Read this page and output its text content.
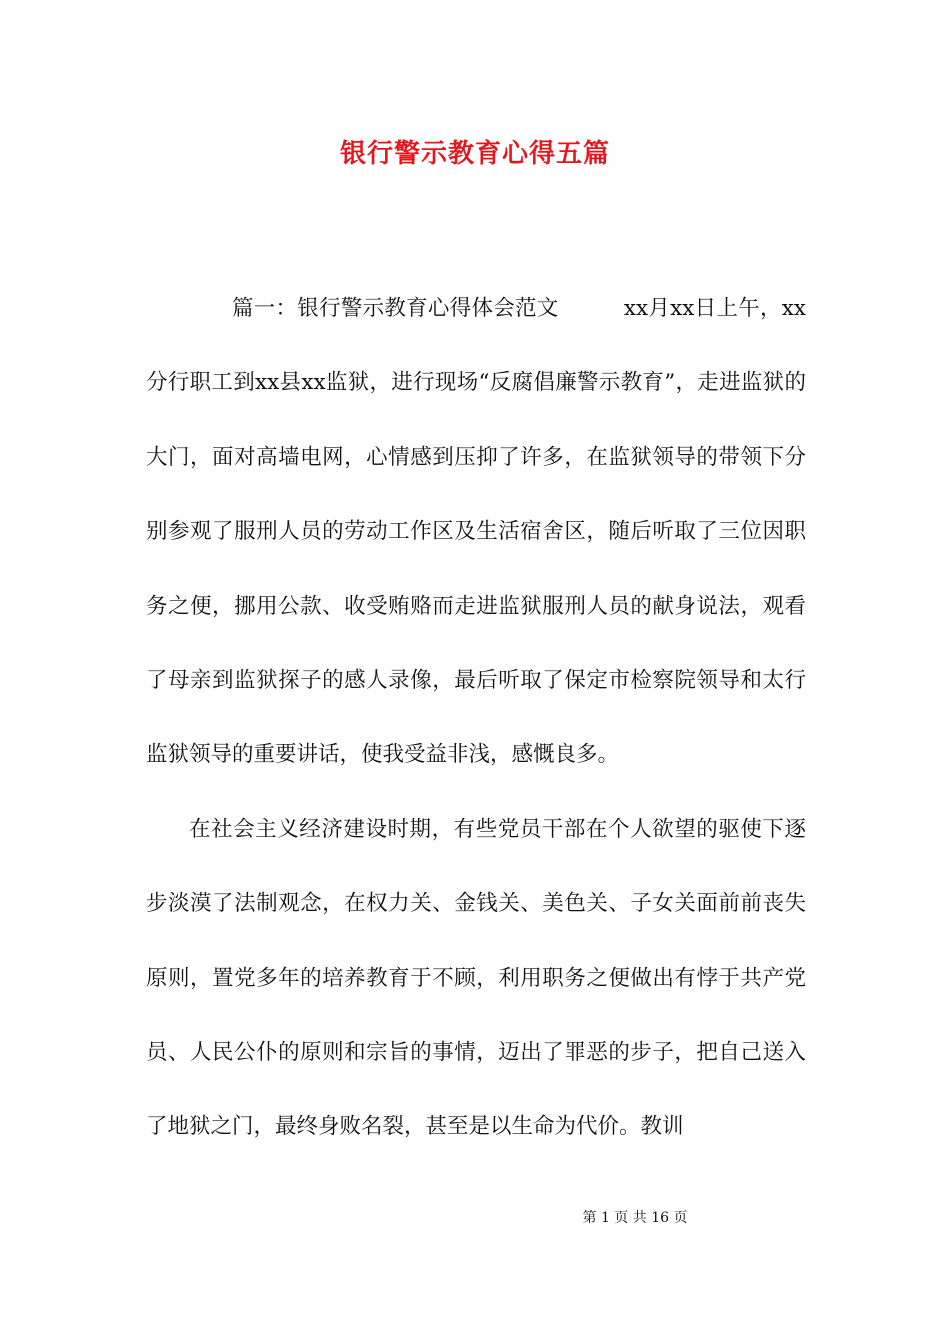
银行警示教育心得五篇

篇一：银行警示教育心得体会范文　　　xx月xx日上午，xx分行职工到xx县xx监狱，进行现场“反腐倡廉警示教育”，走进监狱的大门，面对高墙电网，心情感到压抑了许多，在监狱领导的带领下分别参观了服刑人员的劳动工作区及生活宿舍区，随后听取了三位因职务之便，挪用公款、收受贿赂而走进监狱服刑人员的献身说法，观看了母亲到监狱探子的感人录像，最后听取了保定市检察院领导和太行监狱领导的重要讲话，使我受益非浅，感慨良多。

在社会主义经济建设时期，有些党员干部在个人欲望的驱使下逐步淡漠了法制观念，在权力关、金钱关、美色关、子女关面前前丧失原则，置党多年的培养教育于不顾，利用职务之便做出有悖于共产党员、人民公仆的原则和宗旨的事情，迈出了罪恶的步子，把自己送入了地狱之门，最终身败名裂，甚至是以生命为代价。教训

第 1 页 共 16 页
